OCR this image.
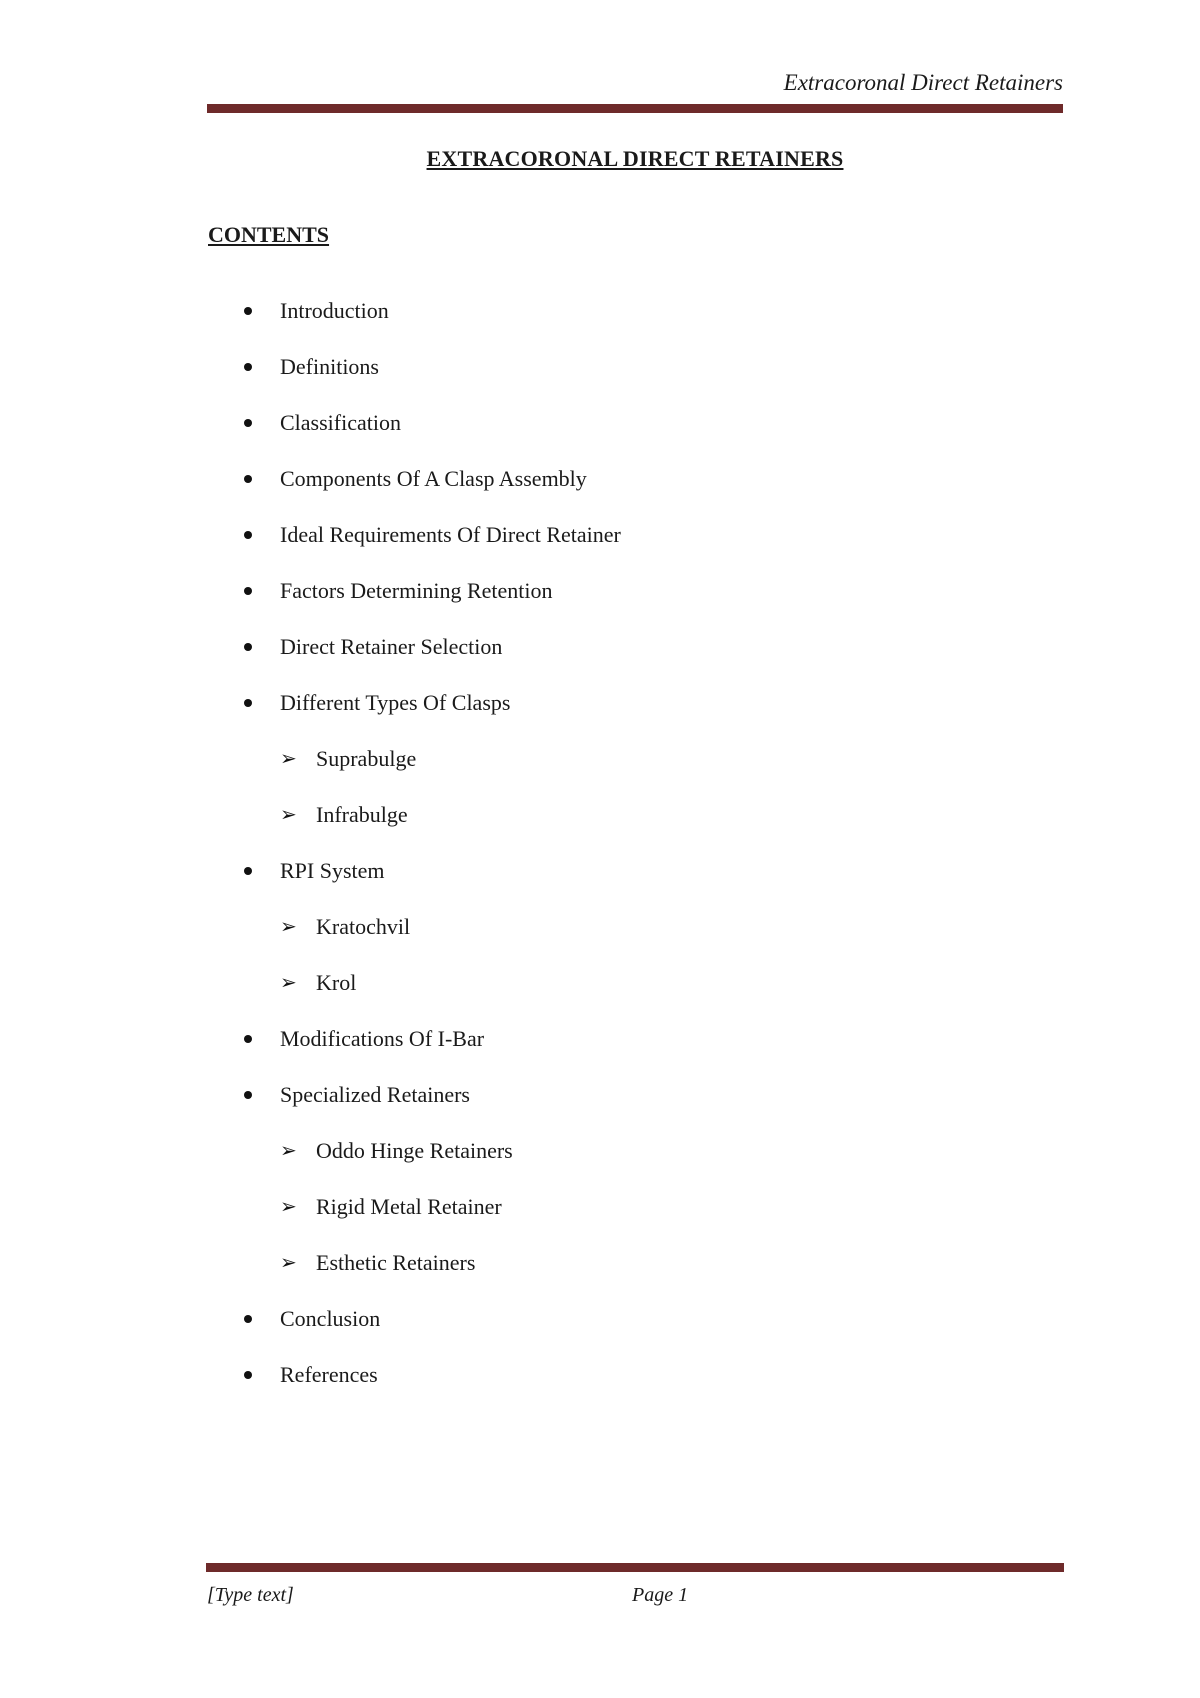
Extracoronal Direct Retainers
EXTRACORONAL DIRECT RETAINERS
CONTENTS
Introduction
Definitions
Classification
Components Of A Clasp Assembly
Ideal Requirements Of Direct Retainer
Factors Determining Retention
Direct Retainer Selection
Different Types Of Clasps
➢ Suprabulge
➢ Infrabulge
RPI System
➢ Kratochvil
➢ Krol
Modifications Of I-Bar
Specialized Retainers
➢ Oddo Hinge Retainers
➢ Rigid Metal Retainer
➢ Esthetic Retainers
Conclusion
References
[Type text]	Page 1
